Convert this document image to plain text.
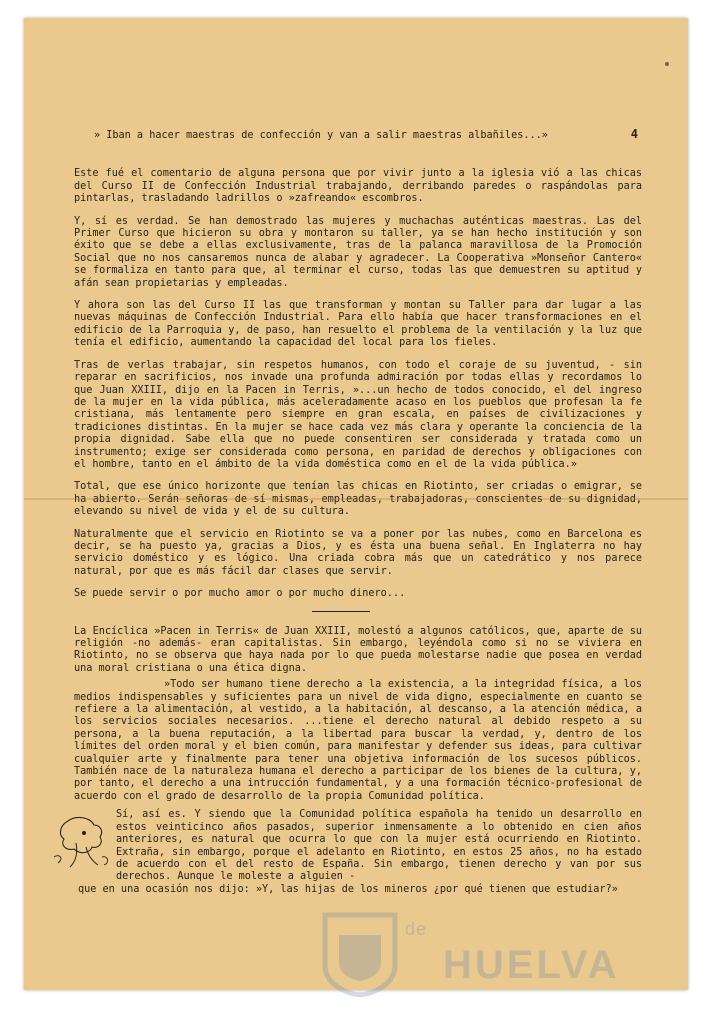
» Iban a hacer maestras de confección y van a salir maestras albañiles...»	4

Este fué el comentario de alguna persona que por vivir junto a la iglesia vió a las chicas del Curso II de Confección Industrial trabajando, derribando paredes o raspándolas para pintarlas, trasladando ladrillos o »zafreando« escombros.

Y, sí es verdad. Se han demostrado las mujeres y muchachas auténticas maestras. Las del Primer Curso que hicieron su obra y montaron su taller, ya se han hecho institución y son éxito que se debe a ellas exclusivamente, tras de la palanca maravillosa de la Promoción Social que no nos cansaremos nunca de alabar y agradecer. La Cooperativa »Monseñor Cantero« se formaliza en tanto para que, al terminar el curso, todas las que demuestren su aptitud y afán sean propietarias y empleadas.

Y ahora son las del Curso II las que transforman y montan su Taller para dar lugar a las nuevas máquinas de Confección Industrial. Para ello había que hacer transformaciones en el edificio de la Parroquia y, de paso, han resuelto el problema de la ventilación y la luz que tenía el edificio, aumentando la capacidad del local para los fieles.

Tras de verlas trabajar, sin respetos humanos, con todo el coraje de su juventud, - sin reparar en sacrificios, nos invade una profunda admiración por todas ellas y recordamos lo que Juan XXIII, dijo en la Pacen in Terris, »...un hecho de todos conocido, el del ingreso de la mujer en la vida pública, más aceleradamente acaso en los pueblos que profesan la fe cristiana, más lentamente pero siempre en gran escala, en países de civilizaciones y tradiciones distintas. En la mujer se hace cada vez más clara y operante la conciencia de la propia dignidad. Sabe ella que no puede consentiren ser considerada y tratada como un instrumento; exige ser considerada como persona, en paridad de derechos y obligaciones con el hombre, tanto en el ámbito de la vida doméstica como en el de la vida pública.»

Total, que ese único horizonte que tenían las chicas en Riotinto, ser criadas o emigrar, se ha abierto. Serán señoras de sí mismas, empleadas, trabajadoras, conscientes de su dignidad, elevando su nivel de vida y el de su cultura.

Naturalmente que el servicio en Riotinto se va a poner por las nubes, como en Barcelona es decir, se ha puesto ya, gracias a Dios, y es ésta una buena señal. En Inglaterra no hay servicio doméstico y es lógico. Una criada cobra más que un catedrático y nos parece natural, por que es más fácil dar clases que servir.

Se puede servir o por mucho amor o por mucho dinero...

La Encíclica »Pacen in Terris« de Juan XXIII, molestó a algunos católicos, que, aparte de su religión -no además- eran capitalistas. Sin embargo, leyéndola como si no se viviera en Riotinto, no se observa que haya nada por lo que pueda molestarse nadie que posea en verdad una moral cristiana o una ética digna.

»Todo ser humano tiene derecho a la existencia, a la integridad física, a los medios indispensables y suficientes para un nivel de vida digno, especialmente en cuanto se refiere a la alimentación, al vestido, a la habitación, al descanso, a la atención médica, a los servicios sociales necesarios. ...tiene el derecho natural al debido respeto a su persona, a la buena reputación, a la libertad para buscar la verdad, y, dentro de los límites del orden moral y el bien común, para manifestar y defender sus ideas, para cultivar cualquier arte y finalmente para tener una objetiva información de los sucesos públicos. También nace de la naturaleza humana el derecho a participar de los bienes de la cultura, y, por tanto, el derecho a una intrucción fundamental, y a una formación técnico-profesional de acuerdo con el grado de desarrollo de la propia Comunidad política.

Sí, así es. Y siendo que la Comunidad política española ha tenido un desarrollo en estos veinticinco años pasados, superior inmensamente a lo obtenido en cien años anteriores, es natural que ocurra lo que con la mujer está ocurriendo en Riotinto. Extraña, sin embargo, porque el adelanto en Riotinto, en estos 25 años, no ha estado de acuerdo con el del resto de España. Sin embargo, tienen derecho y van por sus derechos. Aunque le moleste a alguien -

que en una ocasión nos dijo: »Y, las hijas de los mineros ¿por qué tienen que estudiar?»

de
HUELVA
